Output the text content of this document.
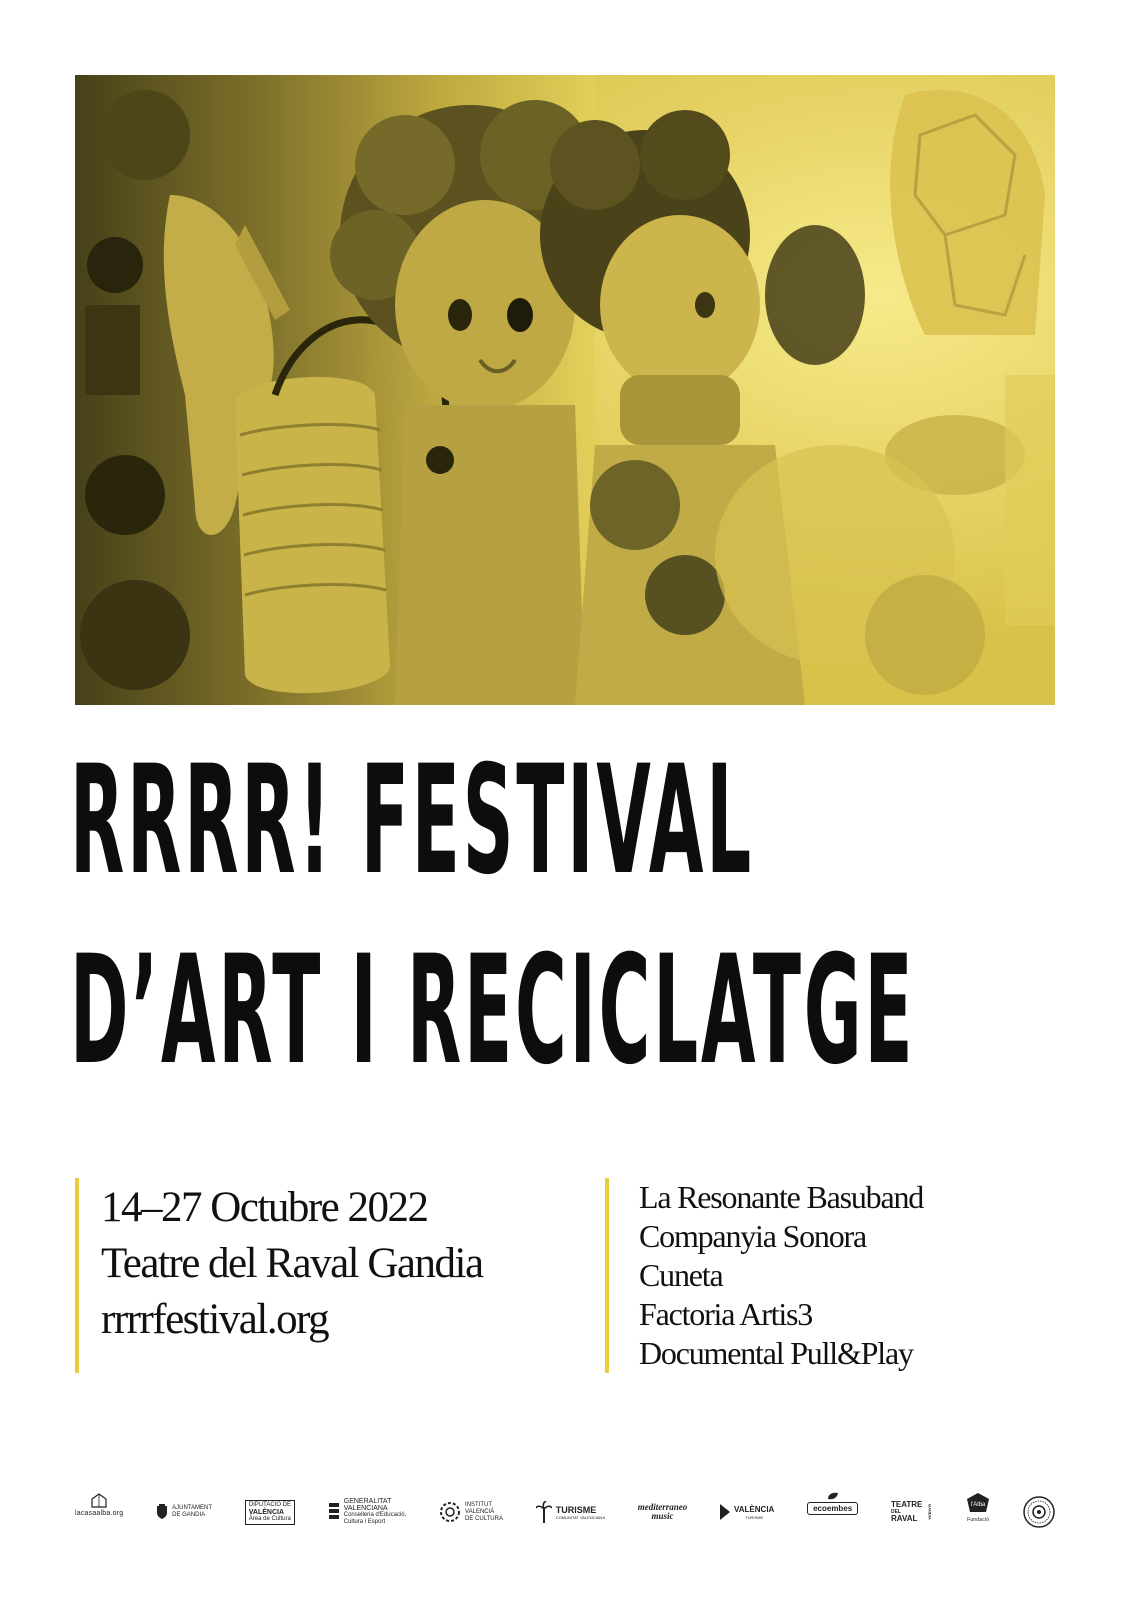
RRRR! FESTIVAL
D’ART I RECICLATGE
14–27 Octubre 2022
Teatre del Raval Gandia
rrrrfestival.org
La Resonante Basuband
Companyia Sonora
Cuneta
Factoria Artis3
Documental Pull&Play
lacasaalba.org
AJUNTAMENT
DE GANDIA
DIPUTACIÓ DE
VALÈNCIA
Àrea de Cultura
GENERALITAT
VALENCIANA
Conselleria d'Educació,
Cultura i Esport
INSTITUT
VALENCIÀ
DE CULTURA
TURISME
COMUNITAT VALENCIANA
mediterraneo
music
VALÈNCIA
TURISME
ecoembes	TEATRE
DEL
RAVAL	GANDIA	l'Alba
Fundació
